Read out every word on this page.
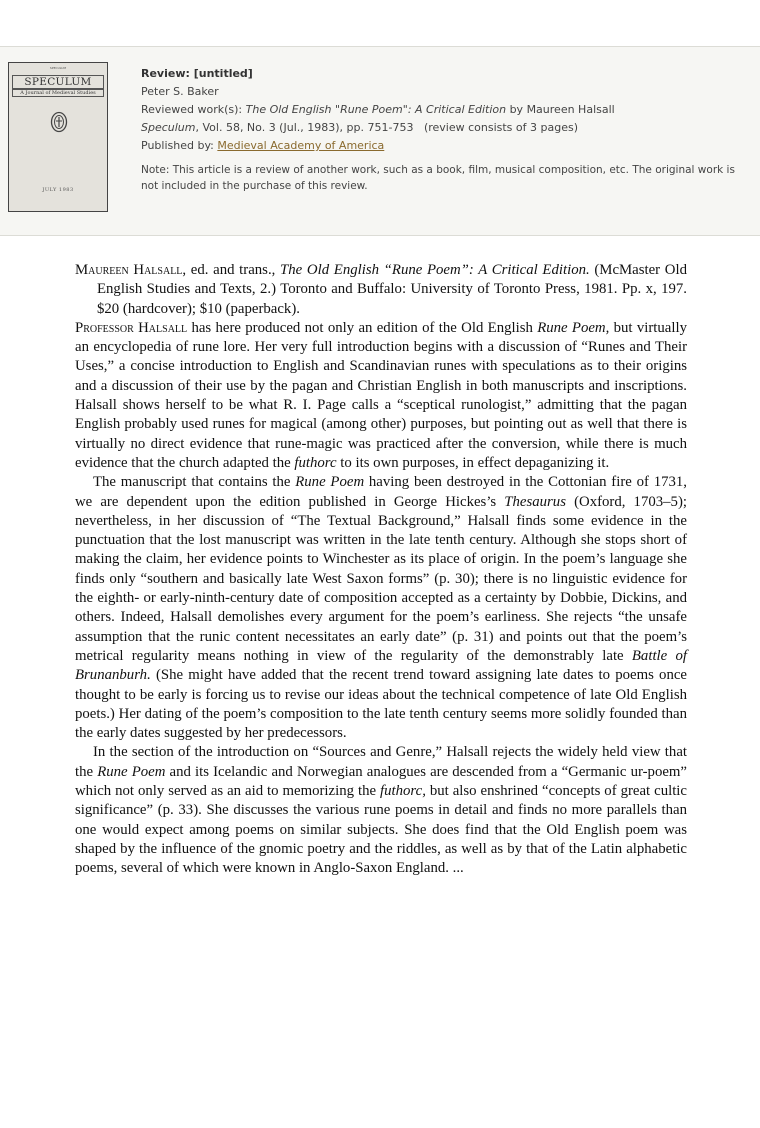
SPECULUM
SPECULUM
A Journal of Medieval Studies
JULY 1983
Review: [untitled]
Peter S. Baker
Reviewed work(s): The Old English "Rune Poem": A Critical Edition by Maureen Halsall
Speculum, Vol. 58, No. 3 (Jul., 1983), pp. 751-753 (review consists of 3 pages)
Published by: Medieval Academy of America
Note: This article is a review of another work, such as a book, film, musical composition, etc. The original work is not included in the purchase of this review.

Maureen Halsall, ed. and trans., The Old English “Rune Poem”: A Critical Edition. (McMaster Old English Studies and Texts, 2.) Toronto and Buffalo: University of Toronto Press, 1981. Pp. x, 197. $20 (hardcover); $10 (paperback).

Professor Halsall has here produced not only an edition of the Old English Rune Poem, but virtually an encyclopedia of rune lore. Her very full introduction begins with a discussion of “Runes and Their Uses,” a concise introduction to English and Scandinavian runes with speculations as to their origins and a discussion of their use by the pagan and Christian English in both manuscripts and inscriptions. Halsall shows herself to be what R. I. Page calls a “sceptical runologist,” admitting that the pagan English probably used runes for magical (among other) purposes, but pointing out as well that there is virtually no direct evidence that rune-magic was practiced after the conversion, while there is much evidence that the church adapted the futhorc to its own purposes, in effect depaganizing it.

The manuscript that contains the Rune Poem having been destroyed in the Cottonian fire of 1731, we are dependent upon the edition published in George Hickes’s Thesaurus (Oxford, 1703–5); nevertheless, in her discussion of “The Textual Background,” Halsall finds some evidence in the punctuation that the lost manuscript was written in the late tenth century. Although she stops short of making the claim, her evidence points to Winchester as its place of origin. In the poem’s language she finds only “southern and basically late West Saxon forms” (p. 30); there is no linguistic evidence for the eighth- or early-ninth-century date of composition accepted as a certainty by Dobbie, Dickins, and others. Indeed, Halsall demolishes every argument for the poem’s earliness. She rejects “the unsafe assumption that the runic content necessitates an early date” (p. 31) and points out that the poem’s metrical regularity means nothing in view of the regularity of the demonstrably late Battle of Brunanburh. (She might have added that the recent trend toward assigning late dates to poems once thought to be early is forcing us to revise our ideas about the technical competence of late Old English poets.) Her dating of the poem’s composition to the late tenth century seems more solidly founded than the early dates suggested by her predecessors.

In the section of the introduction on “Sources and Genre,” Halsall rejects the widely held view that the Rune Poem and its Icelandic and Norwegian analogues are descended from a “Germanic ur-poem” which not only served as an aid to memorizing the futhorc, but also enshrined “concepts of great cultic significance” (p. 33). She discusses the various rune poems in detail and finds no more parallels than one would expect among poems on similar subjects. She does find that the Old English poem was shaped by the influence of the gnomic poetry and the riddles, as well as by that of the Latin alphabetic poems, several of which were known in Anglo-Saxon England. ...
